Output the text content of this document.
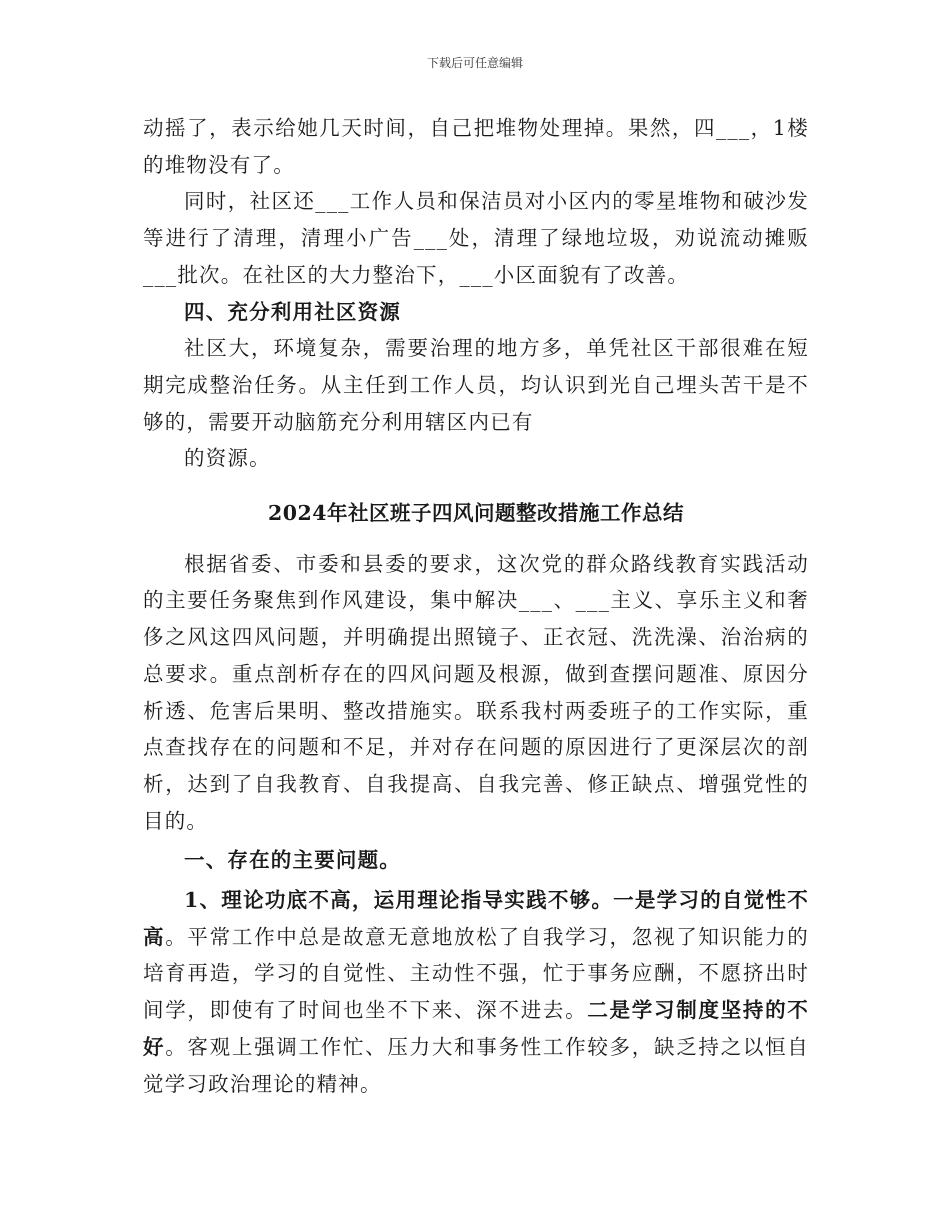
下载后可任意编辑

动摇了，表示给她几天时间，自己把堆物处理掉。果然，四___，1楼的堆物没有了。

同时，社区还___工作人员和保洁员对小区内的零星堆物和破沙发等进行了清理，清理小广告___处，清理了绿地垃圾，劝说流动摊贩___批次。在社区的大力整治下，___小区面貌有了改善。

四、充分利用社区资源

社区大，环境复杂，需要治理的地方多，单凭社区干部很难在短期完成整治任务。从主任到工作人员，均认识到光自己埋头苦干是不够的，需要开动脑筋充分利用辖区内已有

的资源。

2024年社区班子四风问题整改措施工作总结

根据省委、市委和县委的要求，这次党的群众路线教育实践活动的主要任务聚焦到作风建设，集中解决___、___主义、享乐主义和奢侈之风这四风问题，并明确提出照镜子、正衣冠、洗洗澡、治治病的总要求。重点剖析存在的四风问题及根源，做到查摆问题准、原因分析透、危害后果明、整改措施实。联系我村两委班子的工作实际，重点查找存在的问题和不足，并对存在问题的原因进行了更深层次的剖析，达到了自我教育、自我提高、自我完善、修正缺点、增强党性的目的。

一、存在的主要问题。

1、理论功底不高，运用理论指导实践不够。一是学习的自觉性不高。平常工作中总是故意无意地放松了自我学习，忽视了知识能力的培育再造，学习的自觉性、主动性不强，忙于事务应酬，不愿挤出时间学，即使有了时间也坐不下来、深不进去。二是学习制度坚持的不好。客观上强调工作忙、压力大和事务性工作较多，缺乏持之以恒自觉学习政治理论的精神。
